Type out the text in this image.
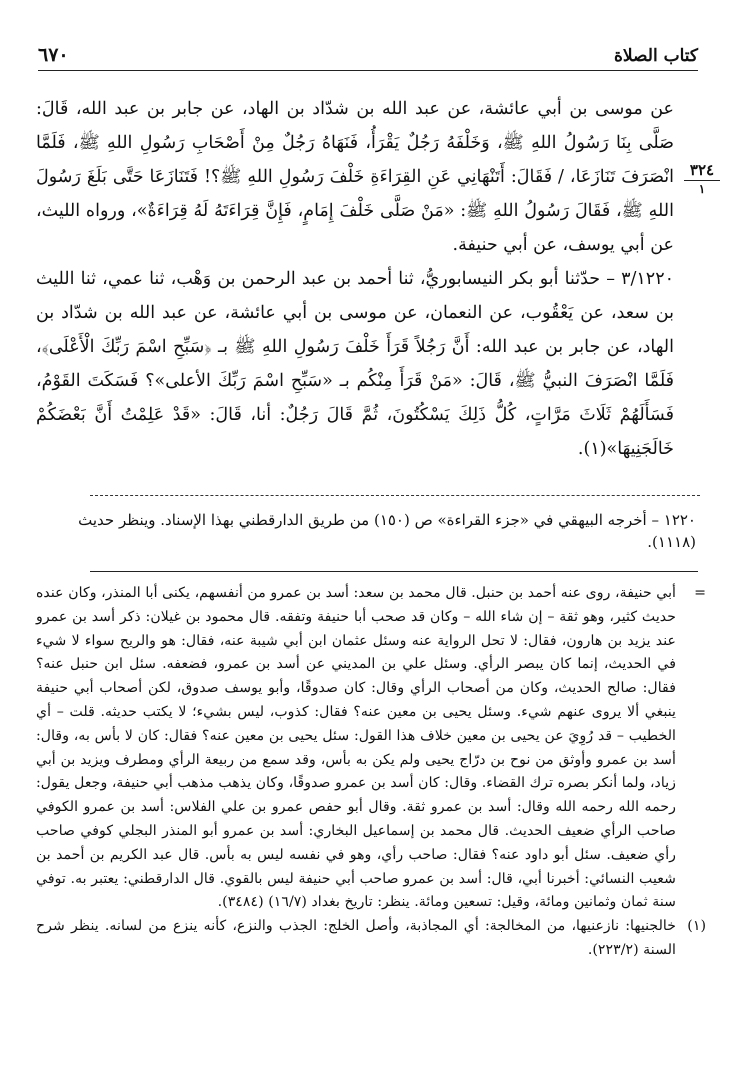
كتاب الصلاة
٦٧٠
٣٢٤
١

عن موسى بن أبي عائشة، عن عبد الله بن شدّاد بن الهاد، عن جابر بن عبد الله، قَالَ: صَلَّى بِنَا رَسُولُ اللهِ ﷺ، وَخَلْفَهُ رَجُلٌ يَقْرَأُ، فَنَهَاهُ رَجُلٌ مِنْ أَصْحَابِ رَسُولِ اللهِ ﷺ، فَلَمَّا انْصَرَفَ تَنَازَعَا، / فَقَالَ: أَتَنْهَانِي عَنِ القِرَاءَةِ خَلْفَ رَسُولِ اللهِ ﷺ؟! فَتَنَازَعَا حَتَّى بَلَغَ رَسُولَ اللهِ ﷺ، فَقَالَ رَسُولُ اللهِ ﷺ: «مَنْ صَلَّى خَلْفَ إِمَامٍ، فَإِنَّ قِرَاءَتَهُ لَهُ قِرَاءَةٌ»، ورواه الليث، عن أبي يوسف، عن أبي حنيفة.

٣/١٢٢٠ – حدّثنا أبو بكر النيسابوريُّ، ثنا أحمد بن عبد الرحمن بن وَهْب، ثنا عمي، ثنا الليث بن سعد، عن يَعْقُوب، عن النعمان، عن موسى بن أبي عائشة، عن عبد الله بن شدّاد بن الهاد، عن جابر بن عبد الله: أَنَّ رَجُلاً قَرَأَ خَلْفَ رَسُولِ اللهِ ﷺ بـ ﴿سَبِّحِ اسْمَ رَبِّكَ الْأَعْلَى﴾، فَلَمَّا انْصَرَفَ النبيُّ ﷺ، قَالَ: «مَنْ قَرَأَ مِنْكُم بـ «سَبِّحِ اسْمَ رَبِّكَ الأعلى»؟ فَسَكَتَ القَوْمُ، فَسَأَلَهُمْ ثَلَاثَ مَرَّاتٍ، كُلُّ ذَلِكَ يَسْكُتُونَ، ثُمَّ قَالَ رَجُلٌ: أنا، قَالَ: «قَدْ عَلِمْتُ أَنَّ بَعْضَكُمْ خَالَجَنِيهَا»(١).

١٢٢٠ – أخرجه البيهقي في «جزء القراءة» ص (١٥٠) من طريق الدارقطني بهذا الإسناد. وينظر حديث (١١١٨).

=
أبي حنيفة، روى عنه أحمد بن حنبل. قال محمد بن سعد: أسد بن عمرو من أنفسهم، يكنى أبا المنذر، وكان عنده حديث كثير، وهو ثقة – إن شاء الله – وكان قد صحب أبا حنيفة وتفقه. قال محمود بن غيلان: ذكر أسد بن عمرو عند يزيد بن هارون، فقال: لا تحل الرواية عنه وسئل عثمان ابن أبي شيبة عنه، فقال: هو والريح سواء لا شيء في الحديث، إنما كان يبصر الرأي. وسئل علي بن المديني عن أسد بن عمرو، فضعفه. سئل ابن حنبل عنه؟ فقال: صالح الحديث، وكان من أصحاب الرأي وقال: كان صدوقًا، وأبو يوسف صدوق، لكن أصحاب أبي حنيفة ينبغي ألا يروى عنهم شيء. وسئل يحيى بن معين عنه؟ فقال: كذوب، ليس بشيء؛ لا يكتب حديثه. قلت – أي الخطيب – قد رُوِيَ عن يحيى بن معين خلاف هذا القول: سئل يحيى بن معين عنه؟ فقال: كان لا بأس به، وقال: أسد بن عمرو وأوثق من نوح بن درّاج يحيى ولم يكن به بأس، وقد سمع من ربيعة الرأي ومطرف ويزيد بن أبي زياد، ولما أنكر بصره ترك القضاء. وقال: كان أسد بن عمرو صدوقًا، وكان يذهب مذهب أبي حنيفة، وجعل يقول: رحمه الله رحمه الله وقال: أسد بن عمرو ثقة. وقال أبو حفص عمرو بن علي الفلاس: أسد بن عمرو الكوفي صاحب الرأي ضعيف الحديث. قال محمد بن إسماعيل البخاري: أسد بن عمرو أبو المنذر البجلي كوفي صاحب رأي ضعيف. سئل أبو داود عنه؟ فقال: صاحب رأي، وهو في نفسه ليس به بأس. قال عبد الكريم بن أحمد بن شعيب النسائي: أخبرنا أبي، قال: أسد بن عمرو صاحب أبي حنيفة ليس بالقوي. قال الدارقطني: يعتبر به. توفي سنة ثمان وثمانين ومائة، وقيل: تسعين ومائة. ينظر: تاريخ بغداد (١٦/٧) (٣٤٨٤).

(١)
خالجنيها: نازعنيها، من المخالجة: أي المجاذبة، وأصل الخلج: الجذب والنزع، كأنه ينزع من لسانه. ينظر شرح السنة (٢٢٣/٢).
